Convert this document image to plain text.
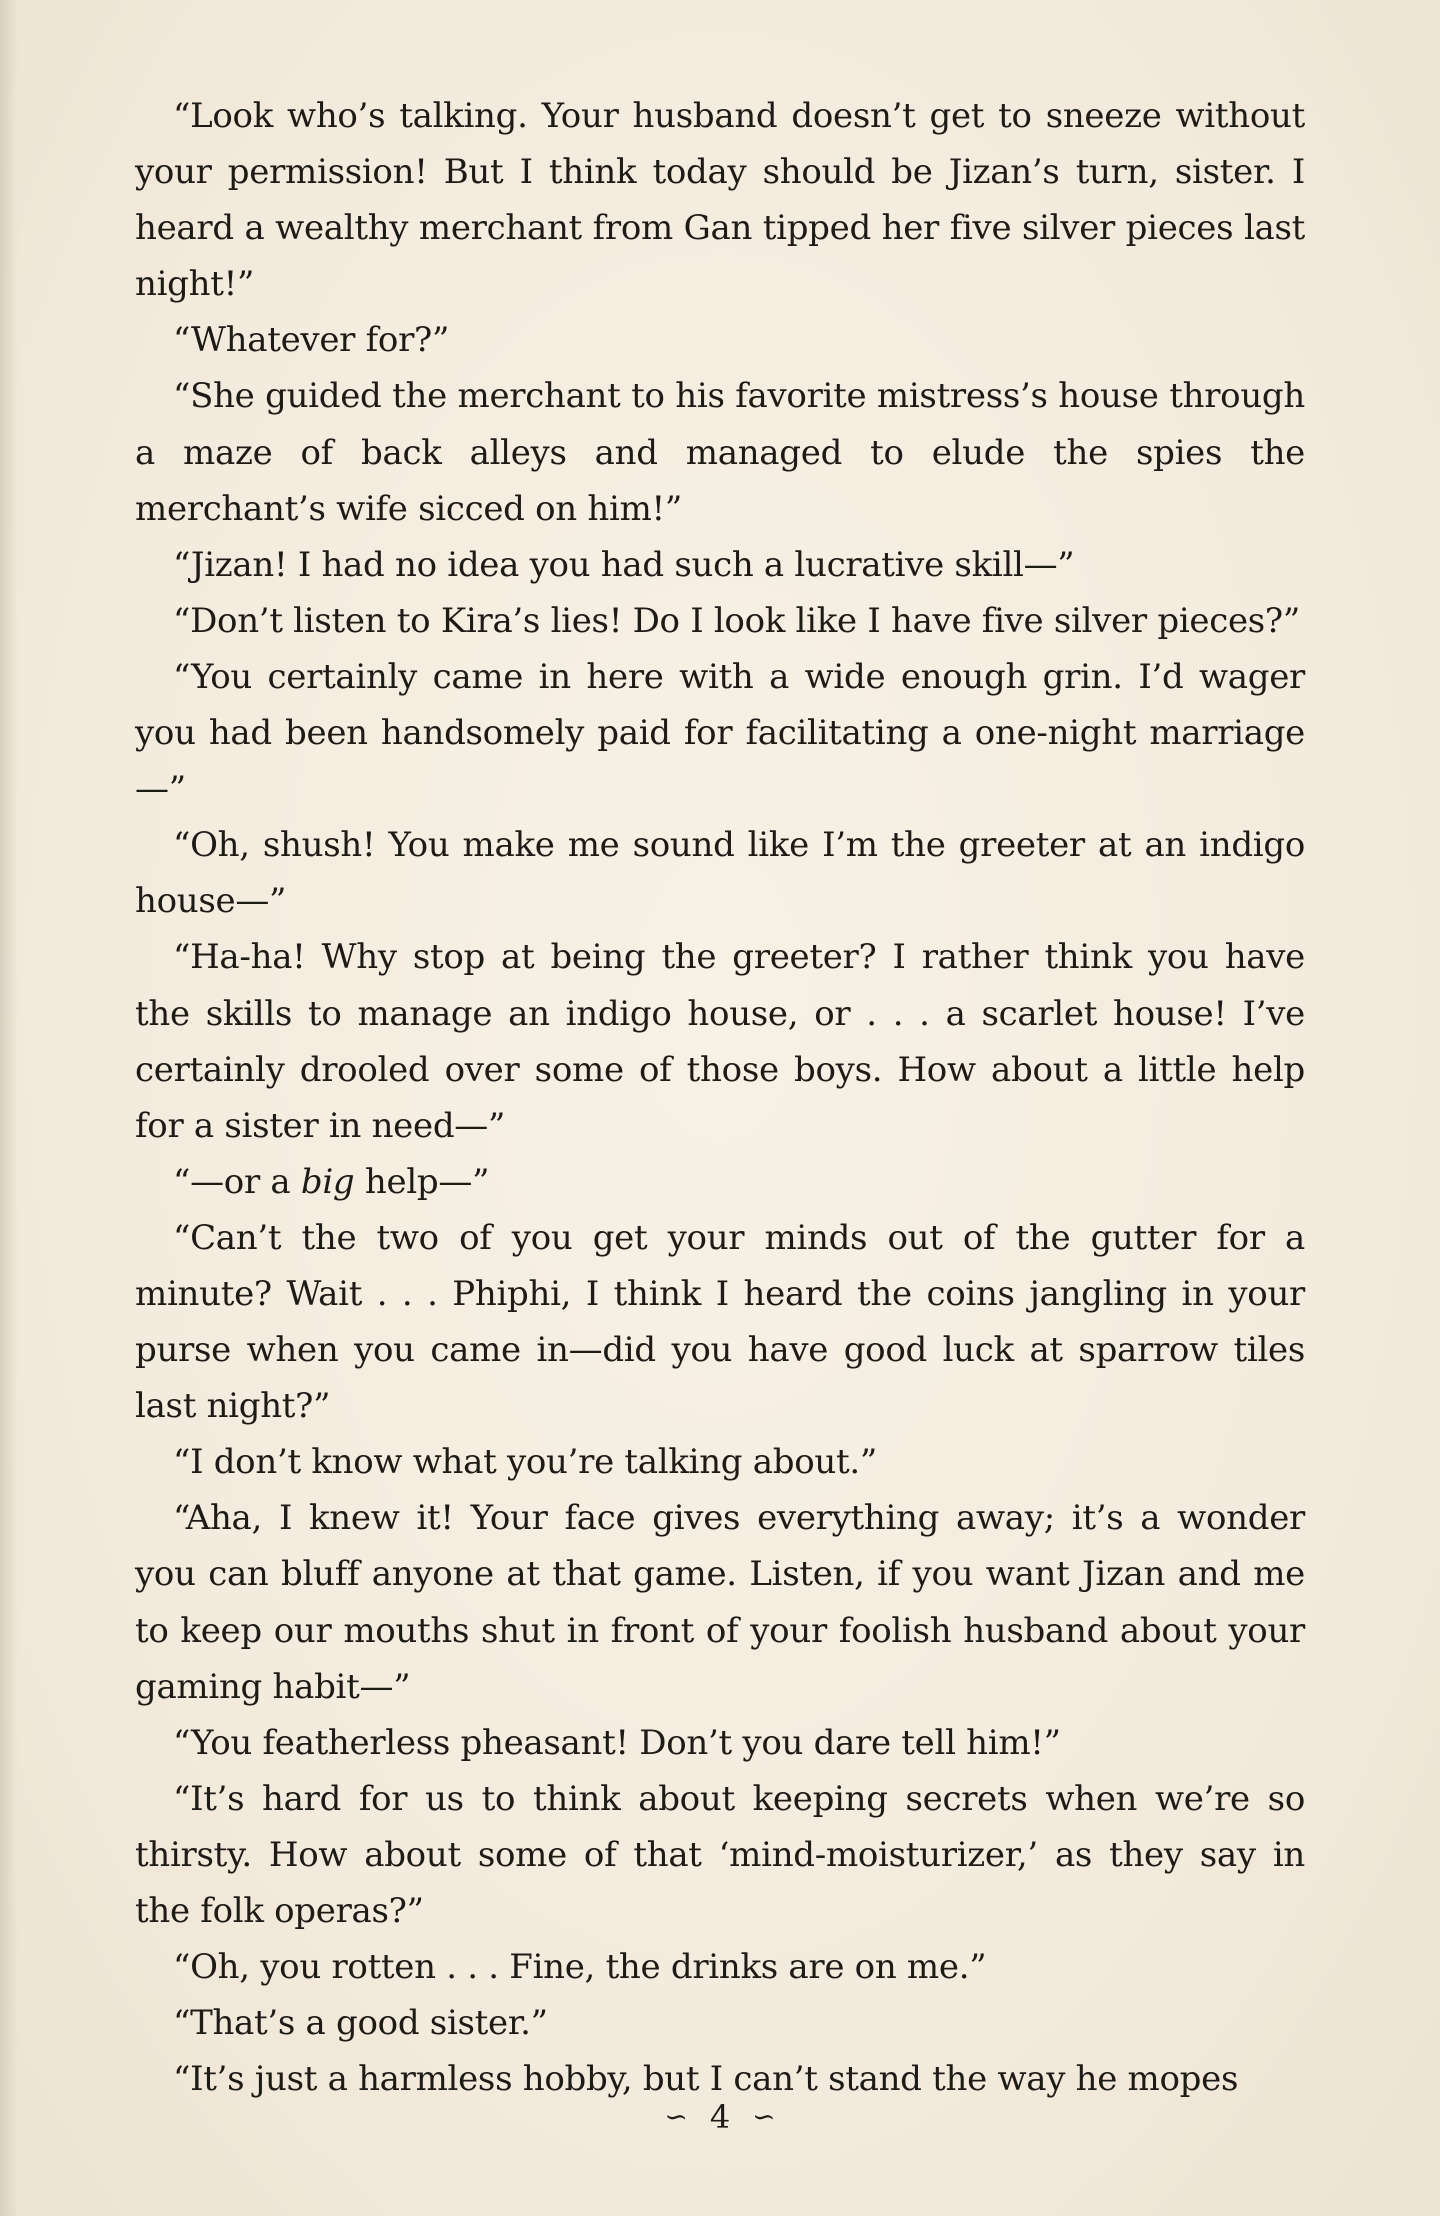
“Look who’s talking. Your husband doesn’t get to sneeze without your permission! But I think today should be Jizan’s turn, sister. I heard a wealthy merchant from Gan tipped her five silver pieces last night!”

“Whatever for?”

“She guided the merchant to his favorite mistress’s house through a maze of back alleys and managed to elude the spies the merchant’s wife sicced on him!”

“Jizan! I had no idea you had such a lucrative skill—”

“Don’t listen to Kira’s lies! Do I look like I have five silver pieces?”

“You certainly came in here with a wide enough grin. I’d wager you had been handsomely paid for facilitating a one-night marriage—”

“Oh, shush! You make me sound like I’m the greeter at an indigo house—”

“Ha-ha! Why stop at being the greeter? I rather think you have the skills to manage an indigo house, or . . . a scarlet house! I’ve certainly drooled over some of those boys. How about a little help for a sister in need—”

“—or a big help—”

“Can’t the two of you get your minds out of the gutter for a minute? Wait . . . Phiphi, I think I heard the coins jangling in your purse when you came in—did you have good luck at sparrow tiles last night?”

“I don’t know what you’re talking about.”

“Aha, I knew it! Your face gives everything away; it’s a wonder you can bluff anyone at that game. Listen, if you want Jizan and me to keep our mouths shut in front of your foolish husband about your gaming habit—”

“You featherless pheasant! Don’t you dare tell him!”

“It’s hard for us to think about keeping secrets when we’re so thirsty. How about some of that ‘mind-moisturizer,’ as they say in the folk operas?”

“Oh, you rotten . . . Fine, the drinks are on me.”

“That’s a good sister.”

“It’s just a harmless hobby, but I can’t stand the way he mopes

∽ 4 ∽
